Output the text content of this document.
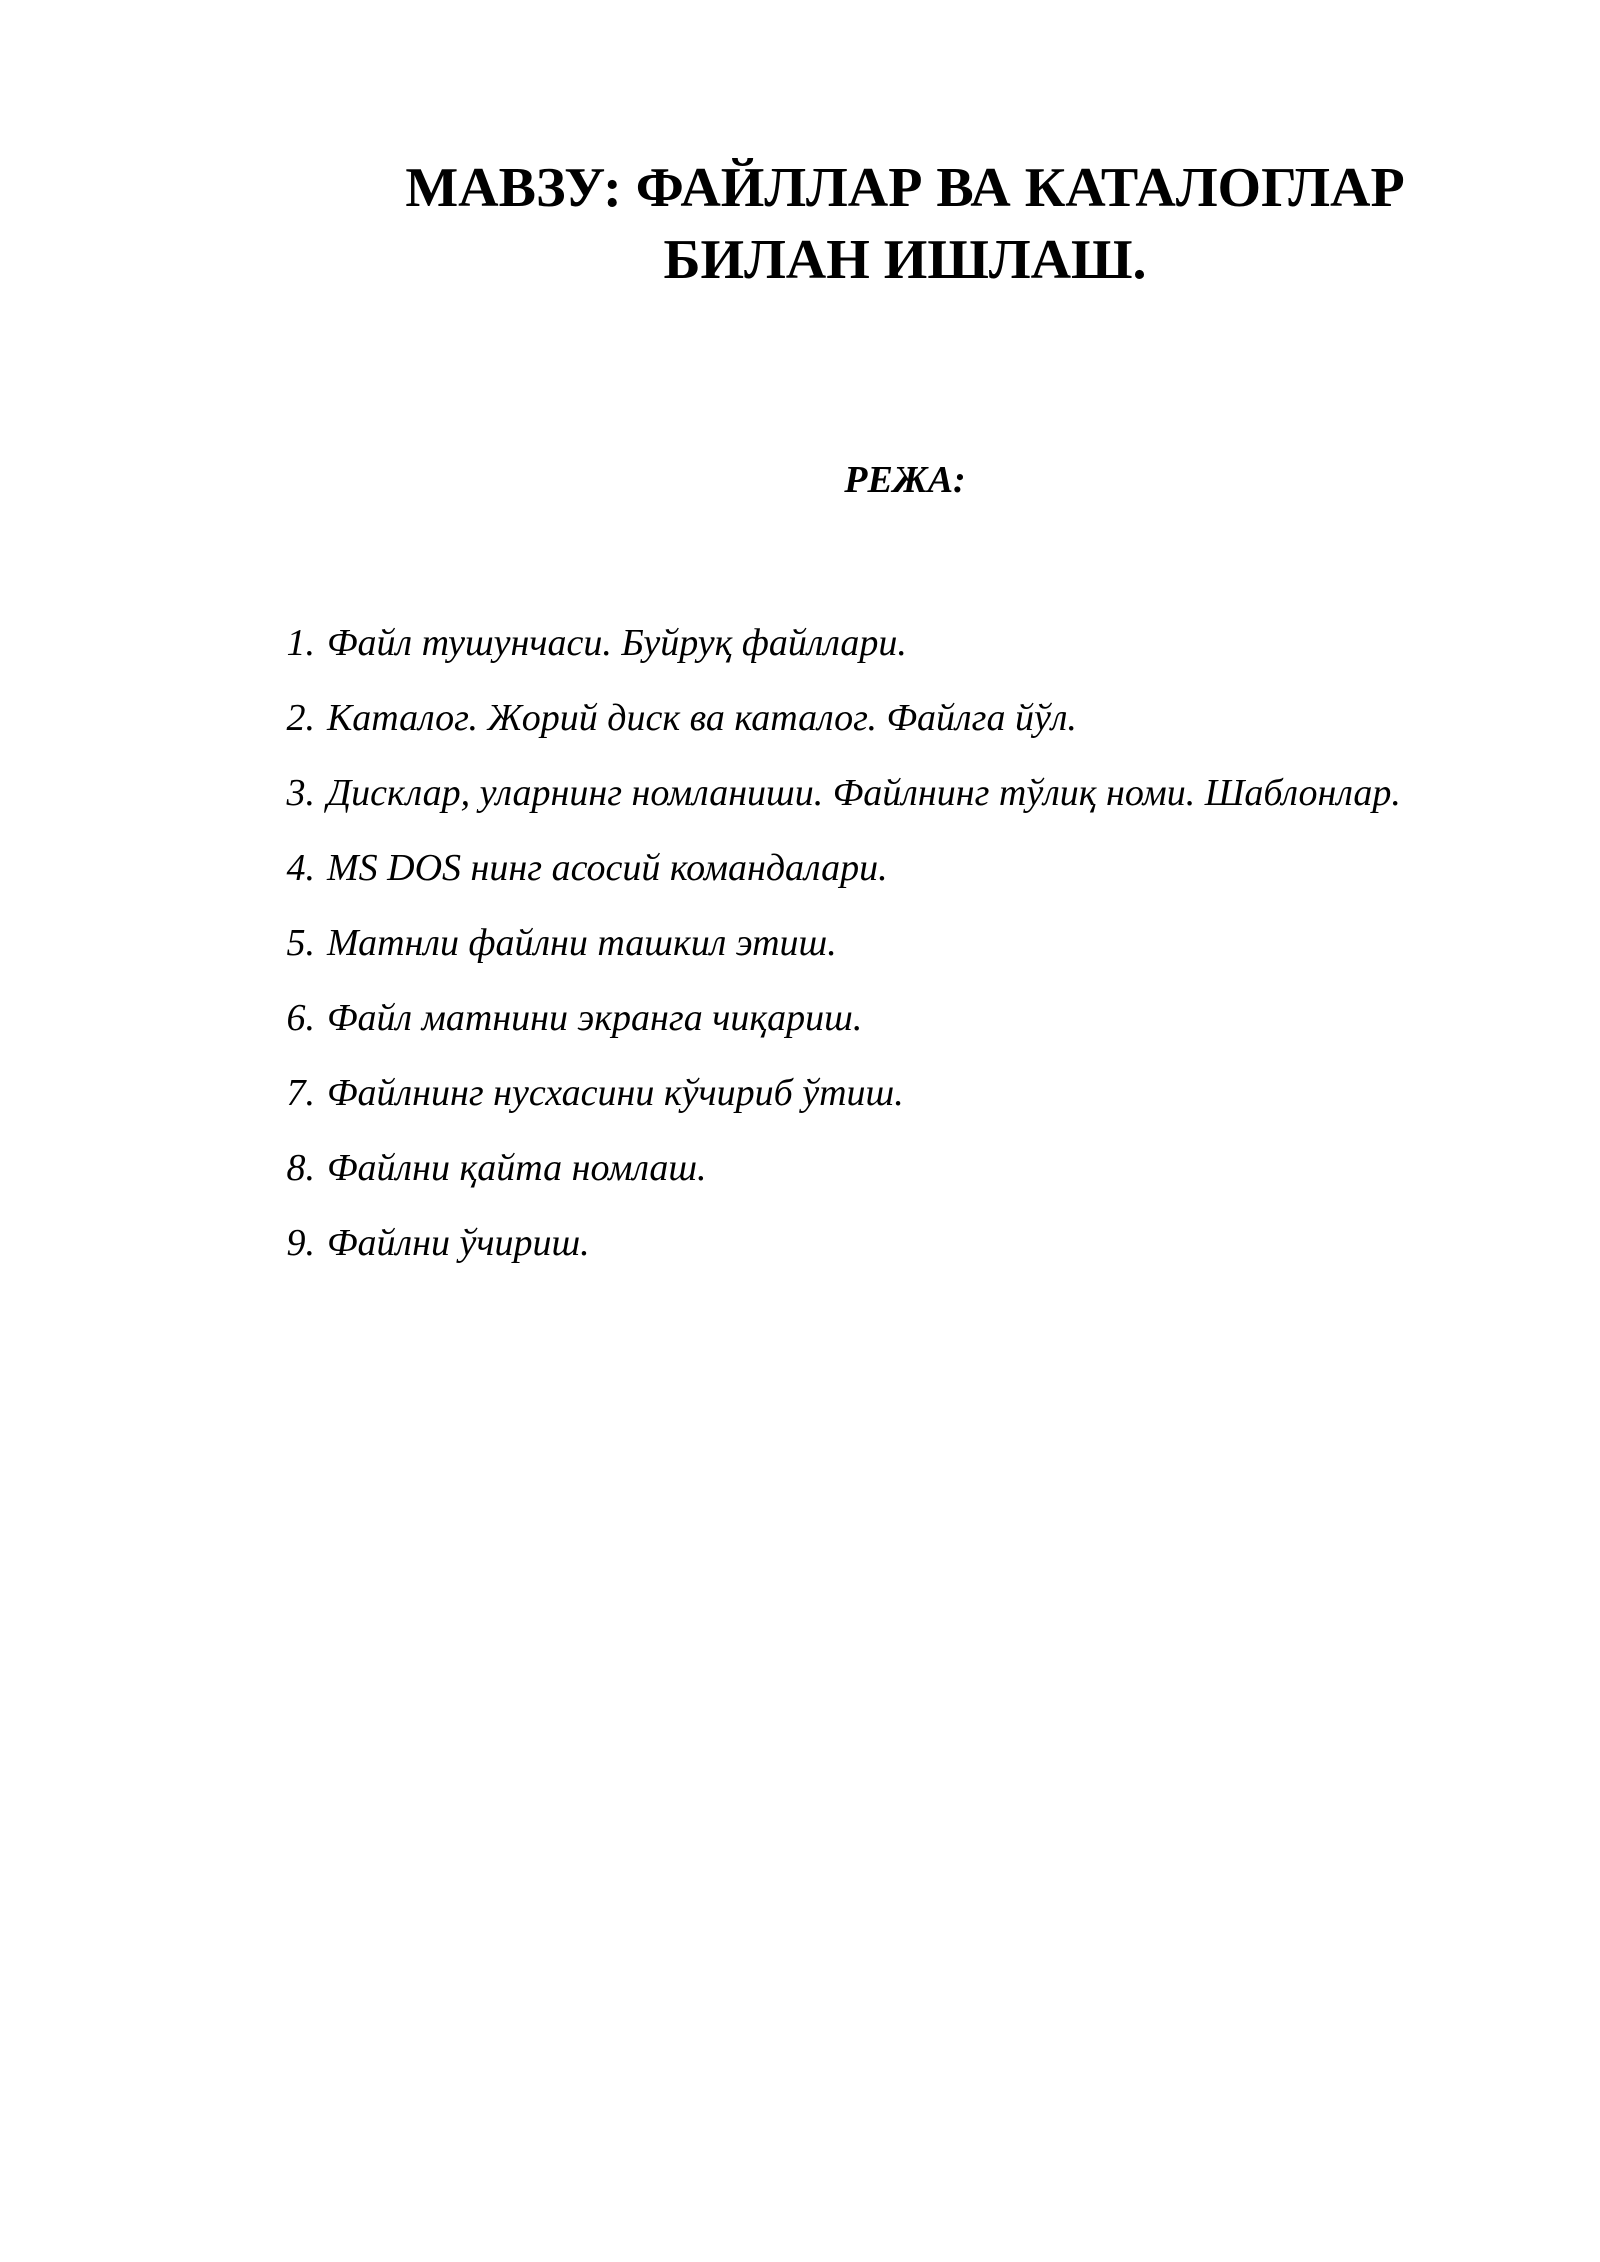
МАВЗУ: ФАЙЛЛАР ВА КАТАЛОГЛАР
БИЛАН ИШЛАШ.
РЕЖА:
1. Файл тушунчаси. Буйруқ файллари.
2. Каталог. Жорий диск ва каталог. Файлга йўл.
3. Дисклар, уларнинг номланиши. Файлнинг тўлиқ номи. Шаблонлар.
4. MS DOS нинг асосий командалари.
5. Матнли файлни ташкил этиш.
6. Файл матнини экранга чиқариш.
7. Файлнинг нусхасини кўчириб ўтиш.
8. Файлни қайта номлаш.
9. Файлни ўчириш.
